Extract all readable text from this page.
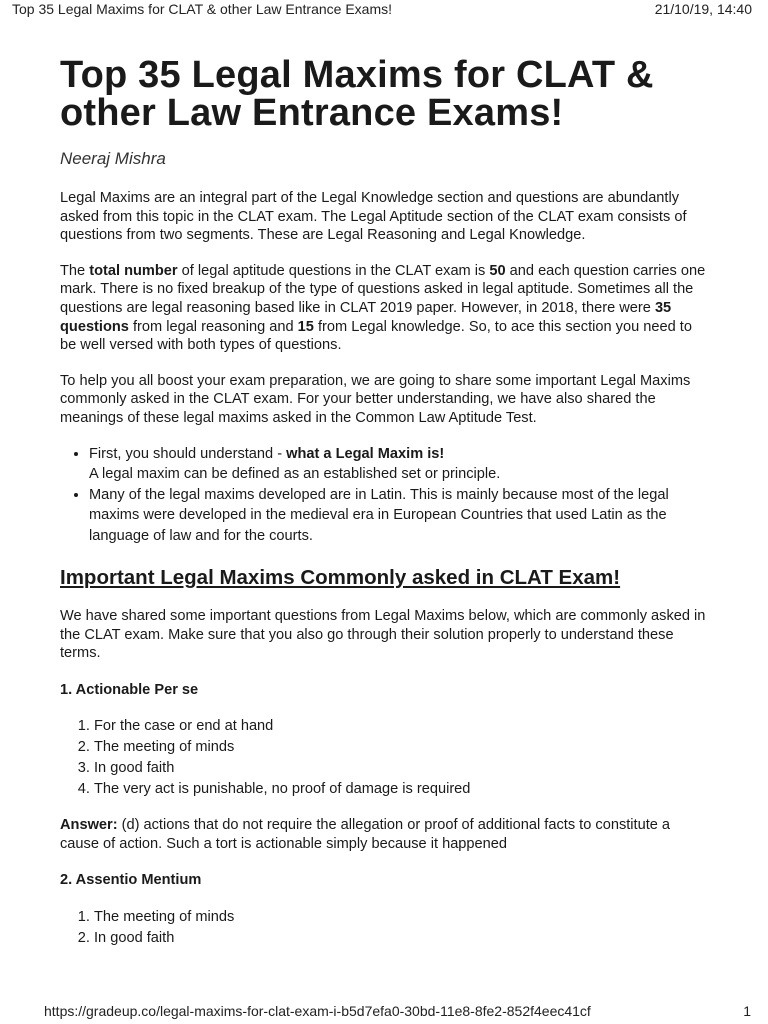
Top 35 Legal Maxims for CLAT & other Law Entrance Exams!	21/10/19, 14:40
Top 35 Legal Maxims for CLAT & other Law Entrance Exams!
Neeraj Mishra

Legal Maxims are an integral part of the Legal Knowledge section and questions are abundantly asked from this topic in the CLAT exam. The Legal Aptitude section of the CLAT exam consists of questions from two segments. These are Legal Reasoning and Legal Knowledge.

The total number of legal aptitude questions in the CLAT exam is 50 and each question carries one mark. There is no fixed breakup of the type of questions asked in legal aptitude. Sometimes all the questions are legal reasoning based like in CLAT 2019 paper. However, in 2018, there were 35 questions from legal reasoning and 15 from Legal knowledge. So, to ace this section you need to be well versed with both types of questions.

To help you all boost your exam preparation, we are going to share some important Legal Maxims commonly asked in the CLAT exam. For your better understanding, we have also shared the meanings of these legal maxims asked in the Common Law Aptitude Test.

• First, you should understand - what a Legal Maxim is!
A legal maxim can be defined as an established set or principle.
• Many of the legal maxims developed are in Latin. This is mainly because most of the legal maxims were developed in the medieval era in European Countries that used Latin as the language of law and for the courts.
Important Legal Maxims Commonly asked in CLAT Exam!

We have shared some important questions from Legal Maxims below, which are commonly asked in the CLAT exam. Make sure that you also go through their solution properly to understand these terms.

1. Actionable Per se

1. For the case or end at hand
2. The meeting of minds
3. In good faith
4. The very act is punishable, no proof of damage is required

Answer: (d) actions that do not require the allegation or proof of additional facts to constitute a cause of action. Such a tort is actionable simply because it happened

2. Assentio Mentium

1. The meeting of minds
2. In good faith
https://gradeup.co/legal-maxims-for-clat-exam-i-b5d7efa0-30bd-11e8-8fe2-852f4eec41cf	1
